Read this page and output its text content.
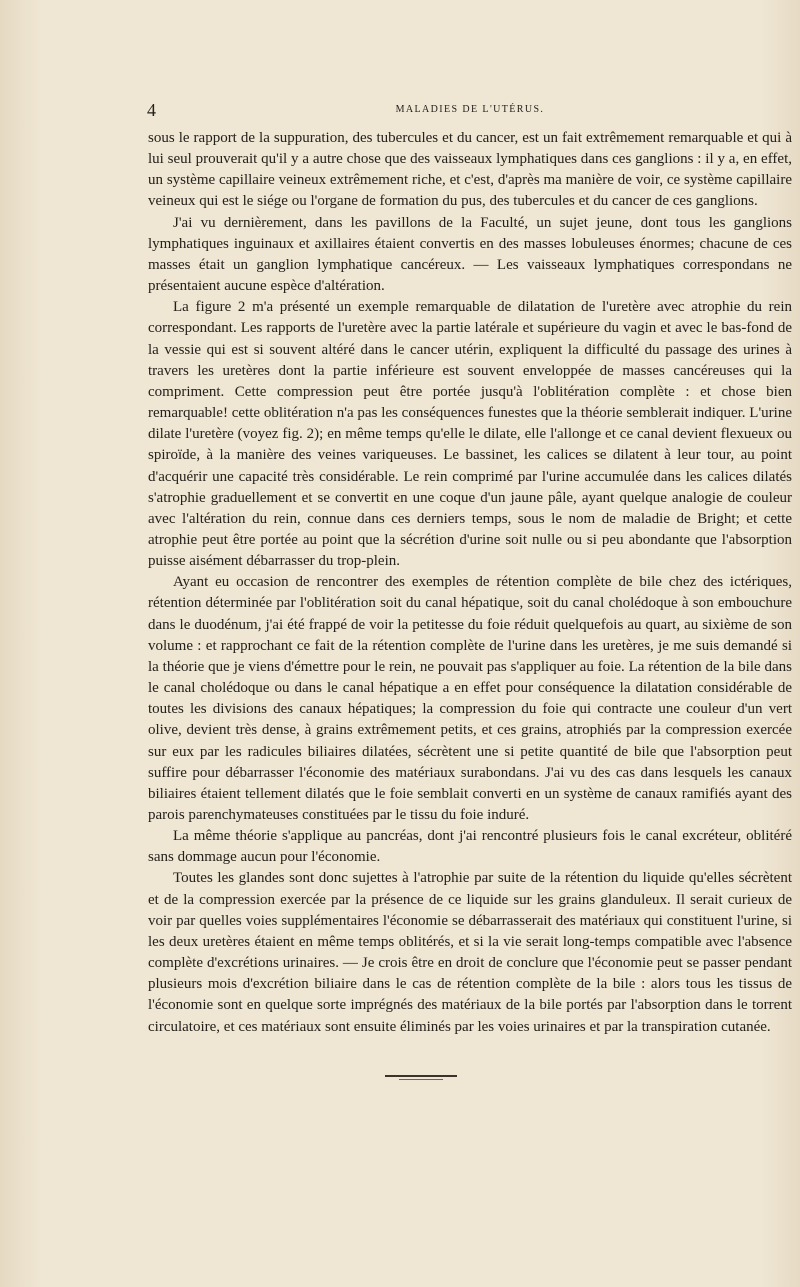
4	MALADIES DE L'UTÉRUS.

sous le rapport de la suppuration, des tubercules et du cancer, est un fait extrêmement remarquable et qui à lui seul prouverait qu'il y a autre chose que des vaisseaux lymphatiques dans ces ganglions : il y a, en effet, un système capillaire veineux extrêmement riche, et c'est, d'après ma manière de voir, ce système capillaire veineux qui est le siége ou l'organe de formation du pus, des tubercules et du cancer de ces ganglions.

J'ai vu dernièrement, dans les pavillons de la Faculté, un sujet jeune, dont tous les ganglions lymphatiques inguinaux et axillaires étaient convertis en des masses lobuleuses énormes; chacune de ces masses était un ganglion lymphatique cancéreux. — Les vaisseaux lymphatiques correspondans ne présentaient aucune espèce d'altération.

La figure 2 m'a présenté un exemple remarquable de dilatation de l'uretère avec atrophie du rein correspondant. Les rapports de l'uretère avec la partie latérale et supérieure du vagin et avec le bas-fond de la vessie qui est si souvent altéré dans le cancer utérin, expliquent la difficulté du passage des urines à travers les uretères dont la partie inférieure est souvent enveloppée de masses cancéreuses qui la compriment. Cette compression peut être portée jusqu'à l'oblitération complète : et chose bien remarquable! cette oblitération n'a pas les conséquences funestes que la théorie semblerait indiquer. L'urine dilate l'uretère (voyez fig. 2); en même temps qu'elle le dilate, elle l'allonge et ce canal devient flexueux ou spiroïde, à la manière des veines variqueuses. Le bassinet, les calices se dilatent à leur tour, au point d'acquérir une capacité très considérable. Le rein comprimé par l'urine accumulée dans les calices dilatés s'atrophie graduellement et se convertit en une coque d'un jaune pâle, ayant quelque analogie de couleur avec l'altération du rein, connue dans ces derniers temps, sous le nom de maladie de Bright; et cette atrophie peut être portée au point que la sécrétion d'urine soit nulle ou si peu abondante que l'absorption puisse aisément débarrasser du trop-plein.

Ayant eu occasion de rencontrer des exemples de rétention complète de bile chez des ictériques, rétention déterminée par l'oblitération soit du canal hépatique, soit du canal cholédoque à son embouchure dans le duodénum, j'ai été frappé de voir la petitesse du foie réduit quelquefois au quart, au sixième de son volume : et rapprochant ce fait de la rétention complète de l'urine dans les uretères, je me suis demandé si la théorie que je viens d'émettre pour le rein, ne pouvait pas s'appliquer au foie. La rétention de la bile dans le canal cholédoque ou dans le canal hépatique a en effet pour conséquence la dilatation considérable de toutes les divisions des canaux hépatiques; la compression du foie qui contracte une couleur d'un vert olive, devient très dense, à grains extrêmement petits, et ces grains, atrophiés par la compression exercée sur eux par les radicules biliaires dilatées, sécrètent une si petite quantité de bile que l'absorption peut suffire pour débarrasser l'économie des matériaux surabondans. J'ai vu des cas dans lesquels les canaux biliaires étaient tellement dilatés que le foie semblait converti en un système de canaux ramifiés ayant des parois parenchymateuses constituées par le tissu du foie induré.

La même théorie s'applique au pancréas, dont j'ai rencontré plusieurs fois le canal excréteur, oblitéré sans dommage aucun pour l'économie.

Toutes les glandes sont donc sujettes à l'atrophie par suite de la rétention du liquide qu'elles sécrètent et de la compression exercée par la présence de ce liquide sur les grains glanduleux. Il serait curieux de voir par quelles voies supplémentaires l'économie se débarrasserait des matériaux qui constituent l'urine, si les deux uretères étaient en même temps oblitérés, et si la vie serait long-temps compatible avec l'absence complète d'excrétions urinaires. — Je crois être en droit de conclure que l'économie peut se passer pendant plusieurs mois d'excrétion biliaire dans le cas de rétention complète de la bile : alors tous les tissus de l'économie sont en quelque sorte imprégnés des matériaux de la bile portés par l'absorption dans le torrent circulatoire, et ces matériaux sont ensuite éliminés par les voies urinaires et par la transpiration cutanée.
